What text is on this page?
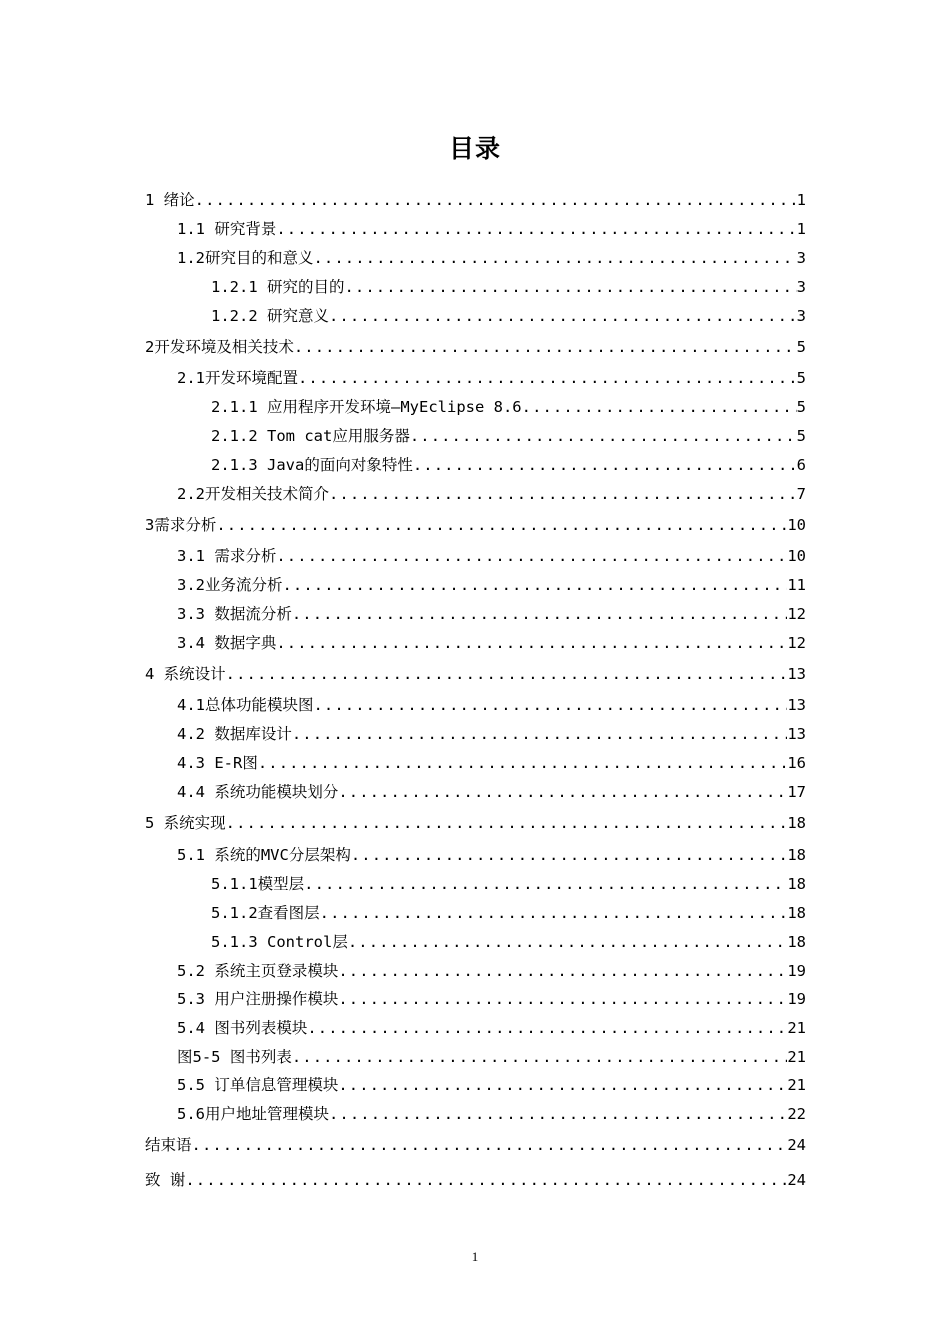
目录
1 绪论 .....	1
1.1 研究背景 .....	1
1.2研究目的和意义 .....	3
1.2.1 研究的目的 .....	3
1.2.2 研究意义 .....	3
2开发环境及相关技术 .....	5
2.1开发环境配置 .....	5
2.1.1 应用程序开发环境—MyEclipse 8.6 .....	5
2.1.2 Tom cat应用服务器 .....	5
2.1.3 Java的面向对象特性 .....	6
2.2开发相关技术简介 .....	7
3需求分析 .....	10
3.1 需求分析 .....	10
3.2业务流分析 .....	11
3.3 数据流分析 .....	12
3.4 数据字典 .....	12
4 系统设计 .....	13
4.1总体功能模块图 .....	13
4.2 数据库设计 .....	13
4.3 E-R图 .....	16
4.4 系统功能模块划分 .....	17
5 系统实现 .....	18
5.1 系统的MVC分层架构 .....	18
5.1.1模型层 .....	18
5.1.2查看图层 .....	18
5.1.3 Control层 .....	18
5.2 系统主页登录模块 .....	19
5.3 用户注册操作模块 .....	19
5.4 图书列表模块 .....	21
图5-5 图书列表 .....	21
5.5 订单信息管理模块 .....	21
5.6用户地址管理模块 .....	22
结束语 .....	24
致 谢 .....	24
1
